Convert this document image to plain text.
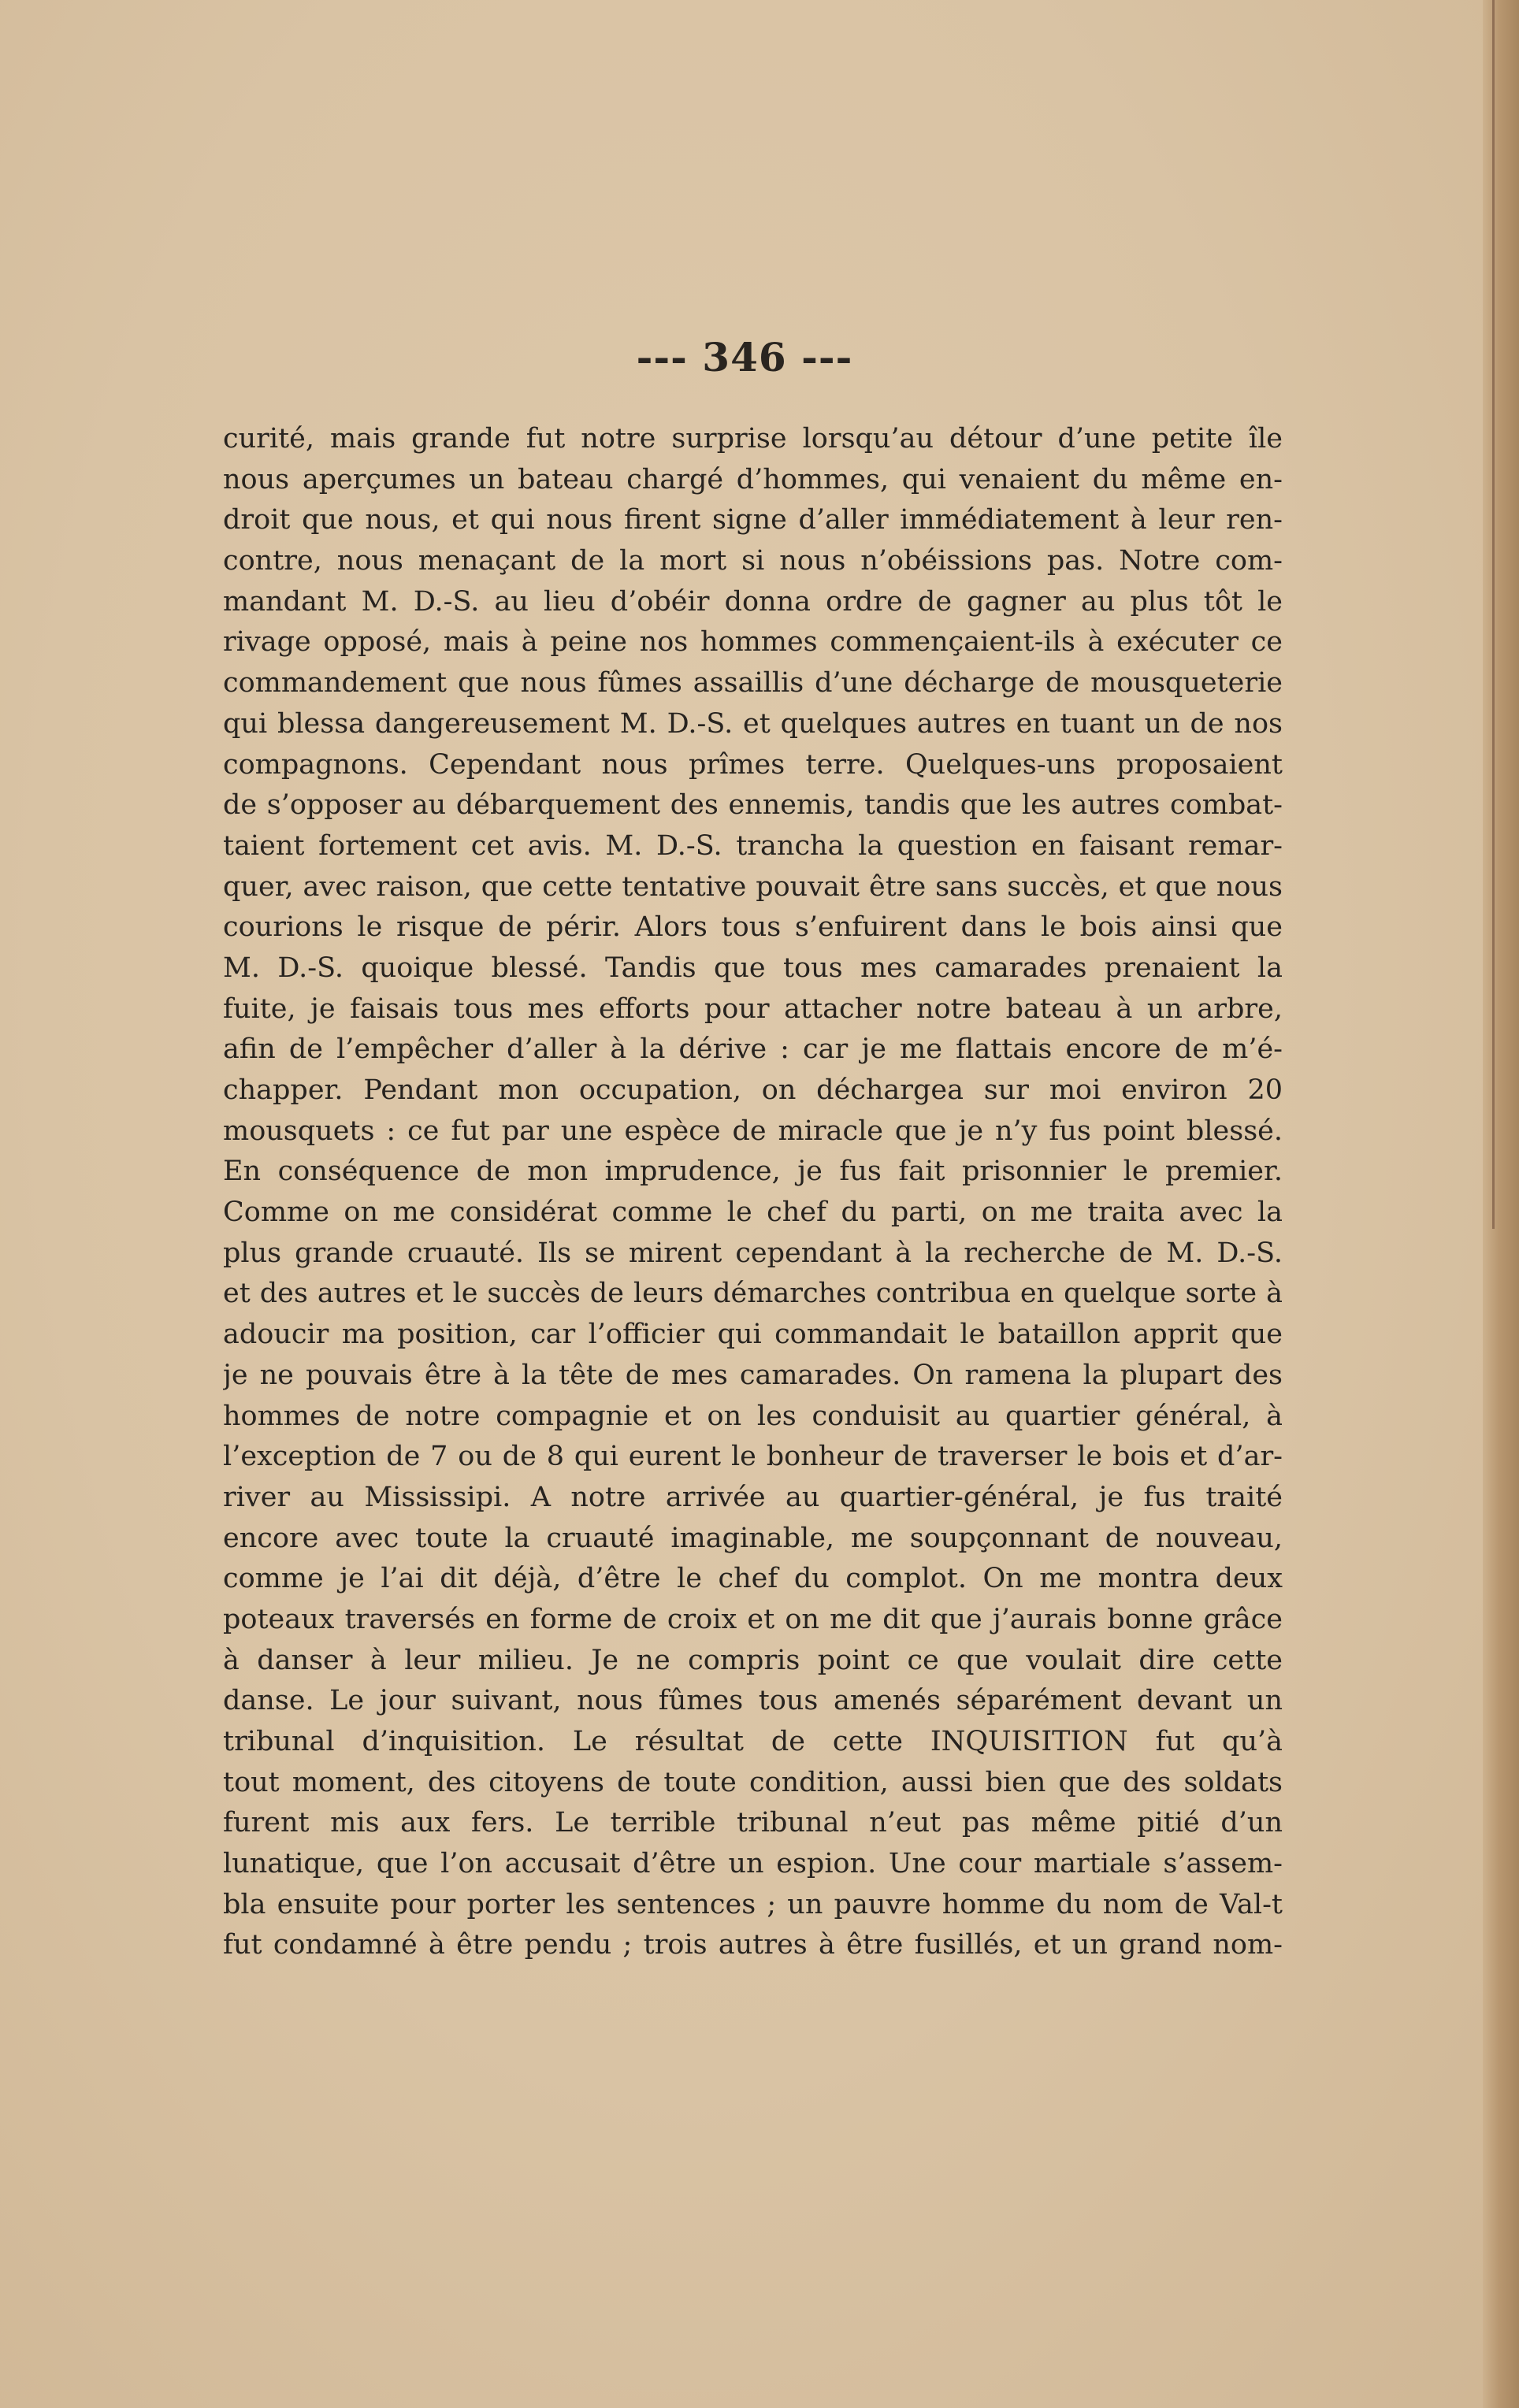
--- 346 ---
curité, mais grande fut notre surprise lorsqu’au détour d’une petite île
nous aperçumes un bateau chargé d’hommes, qui venaient du même en-
droit que nous, et qui nous firent signe d’aller immédiatement à leur ren-
contre, nous menaçant de la mort si nous n’obéissions pas. Notre com-
mandant M. D.-S. au lieu d’obéir donna ordre de gagner au plus tôt le
rivage opposé, mais à peine nos hommes commençaient-ils à exécuter ce
commandement que nous fûmes assaillis d’une décharge de mousqueterie
qui blessa dangereusement M. D.-S. et quelques autres en tuant un de nos
compagnons. Cependant nous prîmes terre. Quelques-uns proposaient
de s’opposer au débarquement des ennemis, tandis que les autres combat-
taient fortement cet avis. M. D.-S. trancha la question en faisant remar-
quer, avec raison, que cette tentative pouvait être sans succès, et que nous
courions le risque de périr. Alors tous s’enfuirent dans le bois ainsi que
M. D.-S. quoique blessé. Tandis que tous mes camarades prenaient la
fuite, je faisais tous mes efforts pour attacher notre bateau à un arbre,
afin de l’empêcher d’aller à la dérive : car je me flattais encore de m’é-
chapper. Pendant mon occupation, on déchargea sur moi environ 20
mousquets : ce fut par une espèce de miracle que je n’y fus point blessé.
En conséquence de mon imprudence, je fus fait prisonnier le premier.
Comme on me considérat comme le chef du parti, on me traita avec la
plus grande cruauté. Ils se mirent cependant à la recherche de M. D.-S.
et des autres et le succès de leurs démarches contribua en quelque sorte à
adoucir ma position, car l’officier qui commandait le bataillon apprit que
je ne pouvais être à la tête de mes camarades. On ramena la plupart des
hommes de notre compagnie et on les conduisit au quartier général, à
l’exception de 7 ou de 8 qui eurent le bonheur de traverser le bois et d’ar-
river au Mississipi. A notre arrivée au quartier-général, je fus traité
encore avec toute la cruauté imaginable, me soupçonnant de nouveau,
comme je l’ai dit déjà, d’être le chef du complot. On me montra deux
poteaux traversés en forme de croix et on me dit que j’aurais bonne grâce
à danser à leur milieu. Je ne compris point ce que voulait dire cette
danse. Le jour suivant, nous fûmes tous amenés séparément devant un
tribunal d’inquisition. Le résultat de cette INQUISITION fut qu’à
tout moment, des citoyens de toute condition, aussi bien que des soldats
furent mis aux fers. Le terrible tribunal n’eut pas même pitié d’un
lunatique, que l’on accusait d’être un espion. Une cour martiale s’assem-
bla ensuite pour porter les sentences ; un pauvre homme du nom de Val-t
fut condamné à être pendu ; trois autres à être fusillés, et un grand nom-
